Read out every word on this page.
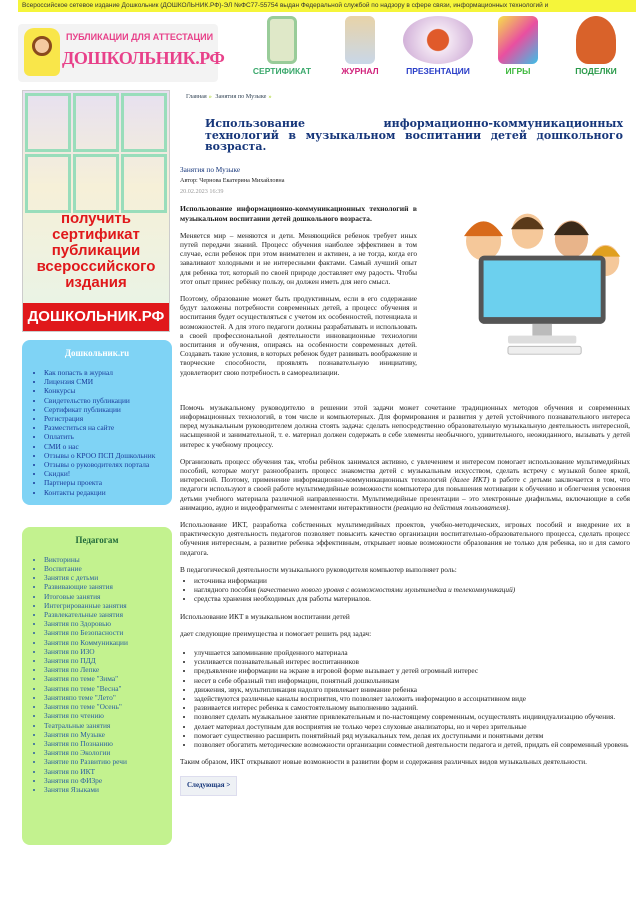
Всероссийское сетевое издание Дошкольник (ДОШКОЛЬНИК.РФ)-ЭЛ №ФС77-55754 выдан Федеральной службой по надзору в сфере связи, информационных технологий и
ПУБЛИКАЦИИ ДЛЯ АТТЕСТАЦИИ
ДОШКОЛЬНИК.РФ
СЕРТИФИКАТ	ЖУРНАЛ	ПРЕЗЕНТАЦИИ	ИГРЫ	ПОДЕЛКИ
получить сертификат публикации всероссийского издания
ДОШКОЛЬНИК.РФ
Дошкольник.ru
• Как попасть в журнал
• Лицензия СМИ
• Конкурсы
• Свидетельство публикации
• Сертификат публикации
• Регистрация
• Разместиться на сайте
• Оплатить
• СМИ о нас
• Отзывы о КРОО ПСП Дошкольник
• Отзывы о руководителях портала
• Скидки!
• Партнеры проекта
• Контакты редакции
Педагогам
• Викторины
• Воспитание
• Занятия с детьми
• Развивающие занятия
• Итоговые занятия
• Интегрированные занятия
• Развлекательные занятия
• Занятия по Здоровью
• Занятия по Безопасности
• Занятия по Коммуникации
• Занятия по ИЗО
• Занятия по ПДД
• Занятия по Лепке
• Занятия по теме "Зима"
• Занятия по теме "Весна"
• Занятияпо теме "Лето"
• Занятия по теме "Осень"
• Занятия по чтению
• Театральные занятия
• Занятия по Музыке
• Занятия по Познанию
• Занятия по Экологии
• Занятие по Развитию речи
• Занятия по ИКТ
• Занятия по ФИЗре
• Занятия Языками
Главная » Занятия по Музыке »
Использование информационно-коммуникационных технологий в музыкальном воспитании детей дошкольного возраста.
Занятия по Музыке
Автор: Чернова Екатерина Михайловна
20.02.2023 16:39

Использование информационно-коммуникационных технологий в музыкальном воспитании детей дошкольного возраста.

Меняется мир – меняются и дети. Меняющийся ребенок требует иных путей передачи знаний. Процесс обучения наиболее эффективен в том случае, если ребенок при этом внимателен и активен, а не тогда, когда его заваливают холодными и не интересными фактами. Самый лучший опыт для ребенка тот, который по своей природе доставляет ему радость. Чтобы этот опыт принес ребёнку пользу, он должен иметь для него смысл.

Поэтому, образование может быть продуктивным, если в его содержание будут заложены потребности современных детей, а процесс обучения и воспитания будет осуществляться с учетом их особенностей, потенциала и возможностей. А для этого педагоги должны разрабатывать и использовать в своей профессиональной деятельности инновационные технологии воспитания и обучения, опираясь на особенности современных детей. Создавать такие условия, в которых ребенок будет развивать воображение и творческие способности, проявлять познавательную инициативу, удовлетворит свою потребность в самореализации.

Помочь музыкальному руководителю в решении этой задачи может сочетание традиционных методов обучения и современных информационных технологий, в том числе и компьютерных. Для формирования и развития у детей устойчивого познавательного интереса перед музыкальным руководителем должна стоять задача: сделать непосредственно образовательную музыкальную деятельность интересной, насыщенной и занимательной, т. е. материал должен содержать в себе элементы необычного, удивительного, неожиданного, вызывать у детей интерес к учебному процессу.

Организовать процесс обучения так, чтобы ребёнок занимался активно, с увлечением и интересом помогает использование мультимедийных пособий, которые могут разнообразить процесс знакомства детей с музыкальным искусством, сделать встречу с музыкой более яркой, интересной. Поэтому, применение информационно-коммуникационных технологий (далее ИКТ) в работе с детьми заключается в том, что педагоги используют в своей работе мультимедийные возможности компьютера для повышения мотивации к обучению и облегчения усвоения детьми учебного материала различной направленности. Мультимедийные презентации – это электронные диафильмы, включающие в себя анимацию, аудио и видеофрагменты с элементами интерактивности (реакцию на действия пользователя).

Использование ИКТ, разработка собственных мультимедийных проектов, учебно-методических, игровых пособий и внедрение их в практическую деятельность педагогов позволяет повысить качество организации воспитательно-образовательного процесса, сделать процесс обучения интересным, а развитие ребенка эффективным, открывает новые возможности образования не только для ребенка, но и для самого педагога.

В педагогической деятельности музыкального руководителя компьютер выполняет роль:

• источника информации
• наглядного пособия (качественно нового уровня с возможностями мультимедиа и телекоммуникаций)
• средства хранения необходимых для работы материалов.

Использование ИКТ в музыкальном воспитании детей

дает следующие преимущества и помогает решить ряд задач:

• улучшается запоминание пройденного материала
• усиливается познавательный интерес воспитанников
• предъявление информации на экране в игровой форме вызывает у детей огромный интерес
• несет в себе образный тип информации, понятный дошкольникам
• движения, звук, мультипликация надолго привлекает внимание ребенка
• задействуются различные каналы восприятия, что позволяет заложить информацию в ассоциативном виде
• развивается интерес ребенка к самостоятельному выполнению заданий.
• позволяет сделать музыкальное занятие привлекательным и по-настоящему современным, осуществлять индивидуализацию обучения.
• делает материал доступным для восприятия не только через слуховые анализаторы, но и через зрительные
• помогает существенно расширить понятийный ряд музыкальных тем, делая их доступными и понятными детям
• позволяет обогатить методические возможности организации совместной деятельности педагога и детей, придать ей современный уровень

Таким образом, ИКТ открывают новые возможности в развитии форм и содержания различных видов музыкальных деятельности.

Следующая >
